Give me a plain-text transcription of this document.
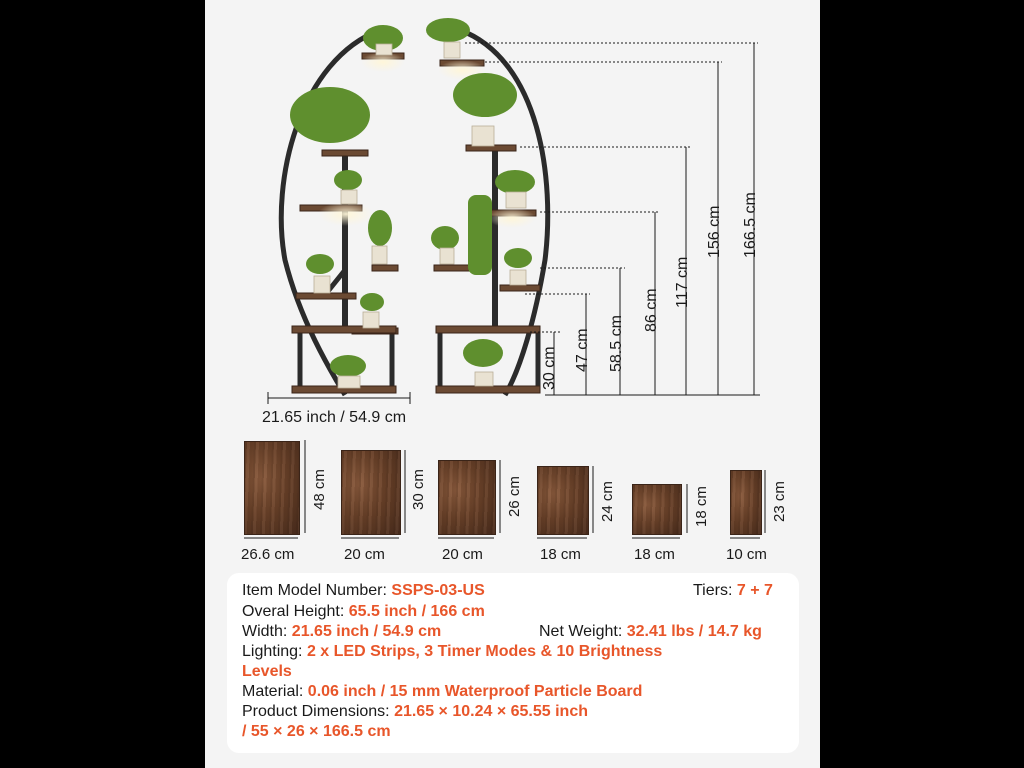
21.65 inch / 54.9 cm
30 cm 47 cm 58.5 cm
86 cm
117 cm
156 cm 166.5 cm
26.6 cm	20 cm	20 cm	18 cm	18 cm	10 cm
48 cm	30 cm	26 cm	24 cm	18 cm	23 cm
Item Model Number: SSPS-03-US	Tiers: 7 + 7
Overal Height: 65.5 inch / 166 cm
Width: 21.65 inch / 54.9 cm	Net Weight: 32.41 lbs / 14.7 kg
Lighting: 2 x LED Strips, 3 Timer Modes & 10 Brightness
Levels
Material: 0.06 inch / 15 mm Waterproof Particle Board
Product Dimensions: 21.65 × 10.24 × 65.55 inch
/ 55 × 26 × 166.5 cm
